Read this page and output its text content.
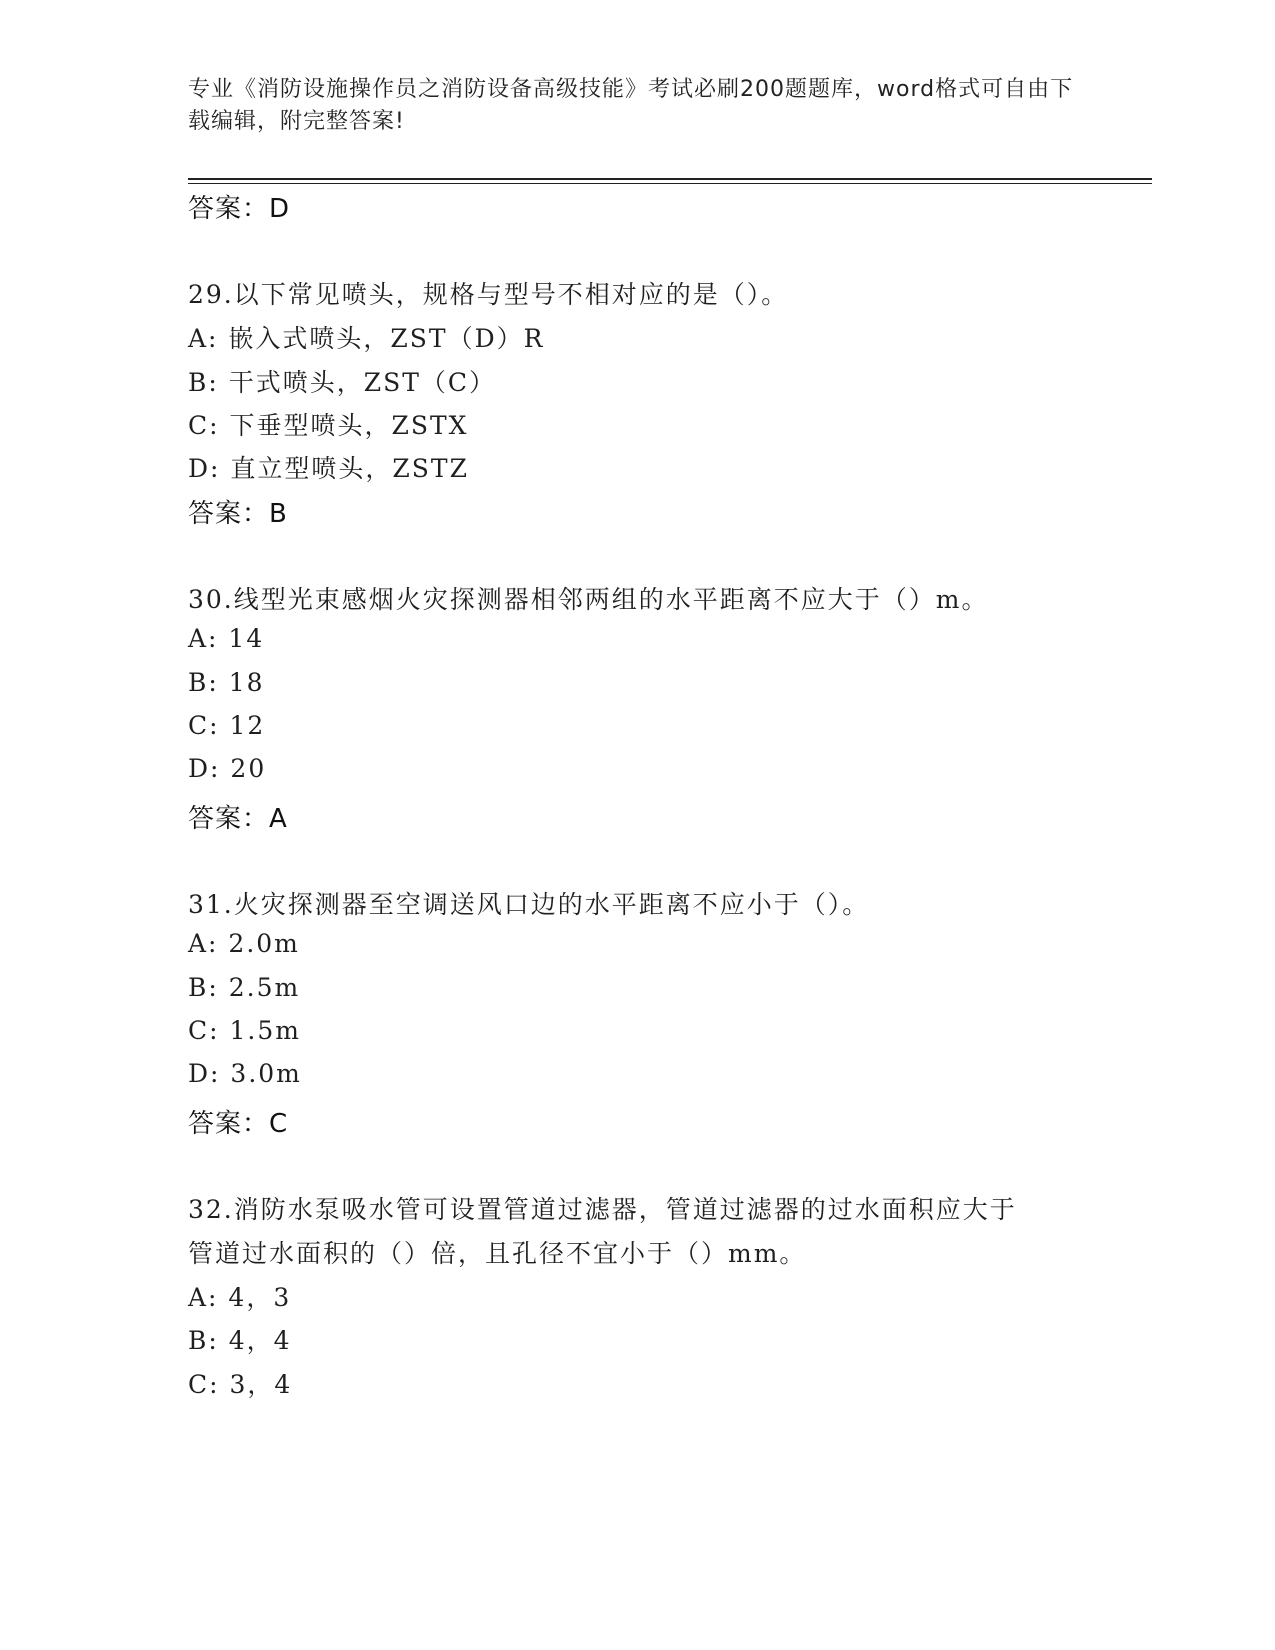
专业《消防设施操作员之消防设备高级技能》考试必刷200题题库，word格式可自由下载编辑，附完整答案!
答案：D
29.以下常见喷头，规格与型号不相对应的是（）。
A: 嵌入式喷头，ZST（D）R
B: 干式喷头，ZST（C）
C: 下垂型喷头，ZSTX
D: 直立型喷头，ZSTZ
答案：B
30.线型光束感烟火灾探测器相邻两组的水平距离不应大于（）m。
A: 14
B: 18
C: 12
D: 20
答案：A
31.火灾探测器至空调送风口边的水平距离不应小于（）。
A: 2.0m
B: 2.5m
C: 1.5m
D: 3.0m
答案：C
32.消防水泵吸水管可设置管道过滤器，管道过滤器的过水面积应大于
管道过水面积的（）倍，且孔径不宜小于（）mm。
A: 4，3
B: 4，4
C: 3，4
